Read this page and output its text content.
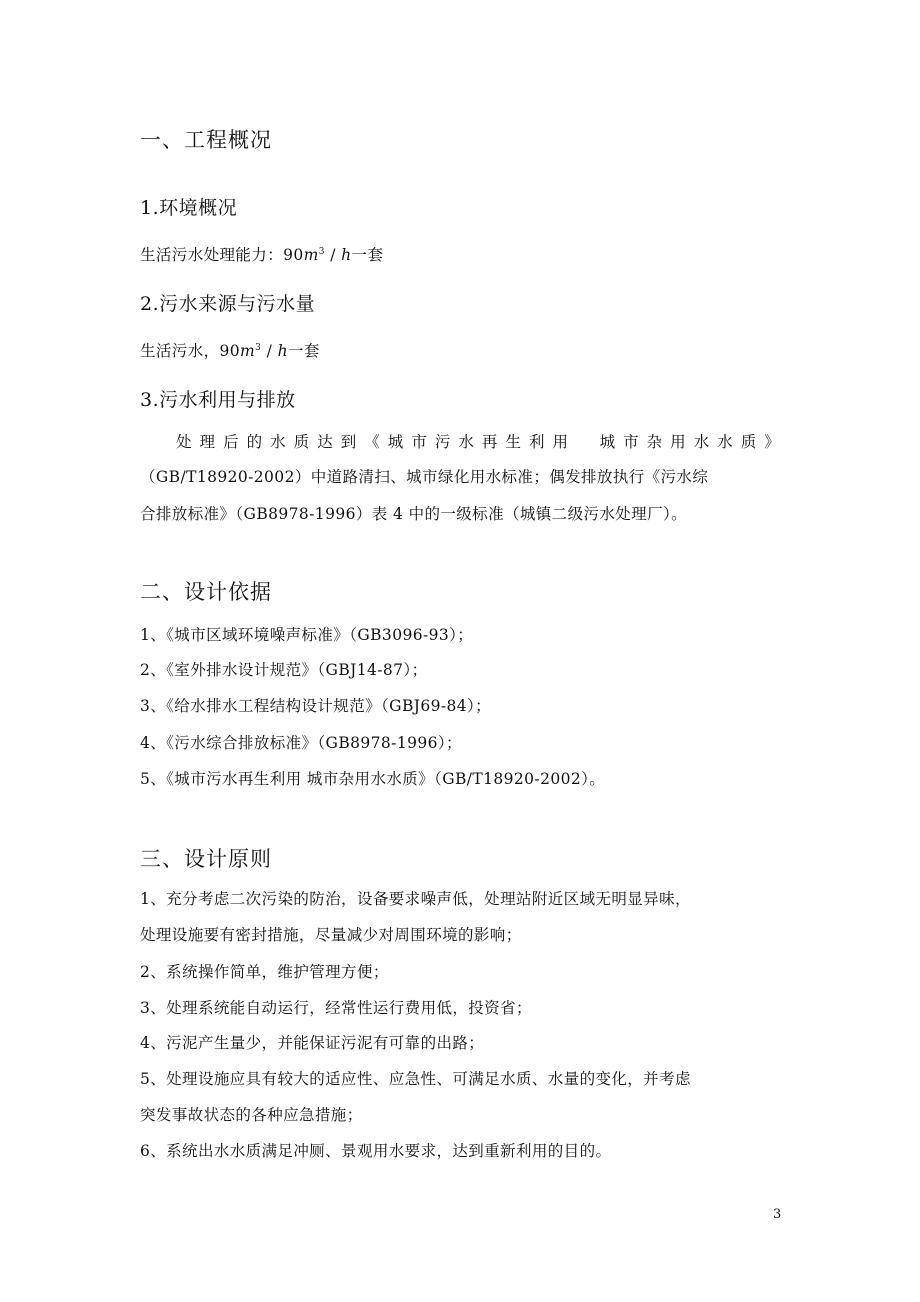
一、工程概况

1.环境概况

生活污水处理能力：$90m^3$ / h一套

2.污水来源与污水量

生活污水，$90m^3$ / h一套

3.污水利用与排放

处 理 后 的 水 质 达 到 《 城 市 污 水 再 生 利 用
　 城 市 杂 用 水 水 质 》

（GB/T18920-2002）中道路清扫、城市绿化用水标准；偶发排放执行《污水综

合排放标准》（GB8978-1996）表 4 中的一级标准（城镇二级污水处理厂）。

二、设计依据

1、《城市区域环境噪声标准》（GB3096-93）；

2、《室外排水设计规范》（GBJ14-87）；

3、《给水排水工程结构设计规范》（GBJ69-84）；

4、《污水综合排放标准》（GB8978-1996）；

5、《城市污水再生利用 城市杂用水水质》（GB/T18920-2002）。

三、设计原则

1、充分考虑二次污染的防治，设备要求噪声低，处理站附近区域无明显异味，

处理设施要有密封措施，尽量减少对周围环境的影响；

2、系统操作简单，维护管理方便；

3、处理系统能自动运行，经常性运行费用低，投资省；

4、污泥产生量少，并能保证污泥有可靠的出路；

5、处理设施应具有较大的适应性、应急性、可满足水质、水量的变化，并考虑

突发事故状态的各种应急措施；

6、系统出水水质满足冲厕、景观用水要求，达到重新利用的目的。

3
